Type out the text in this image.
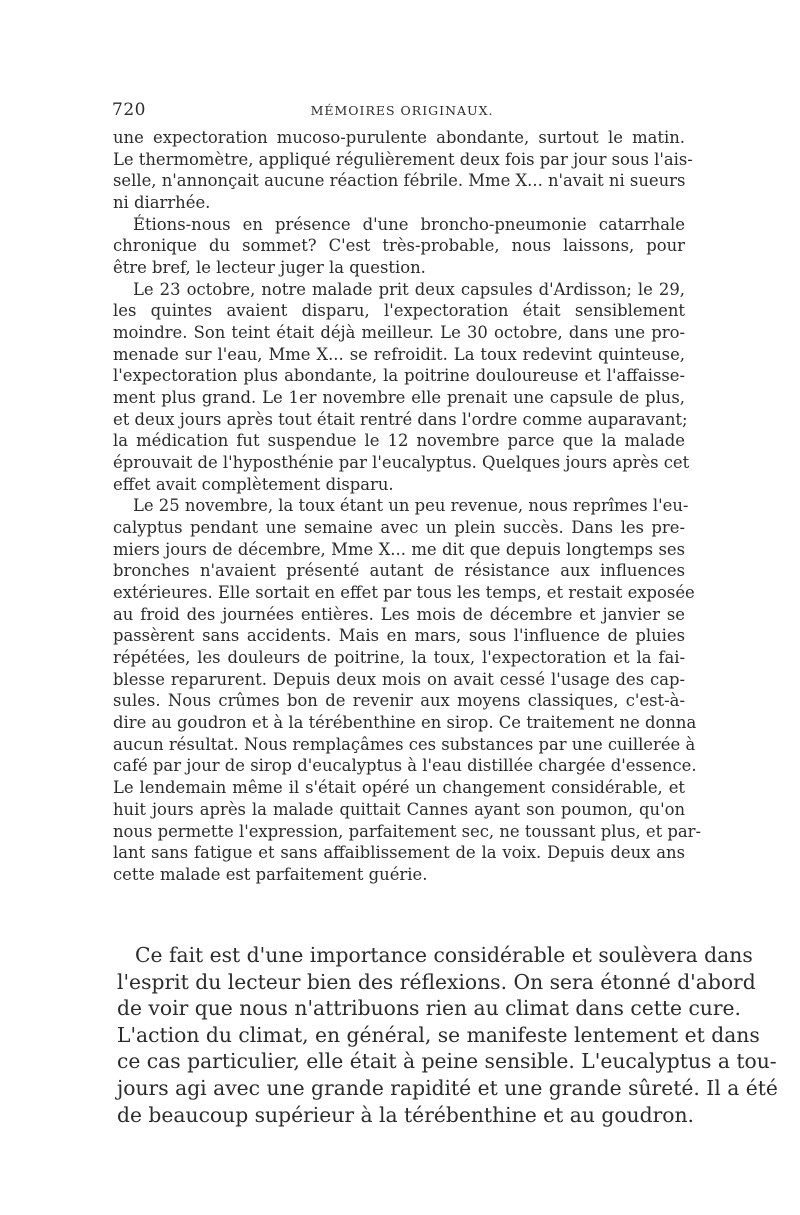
720	MÉMOIRES ORIGINAUX.
une expectoration mucoso-purulente abondante, surtout le matin.
Le thermomètre, appliqué régulièrement deux fois par jour sous l'ais-
selle, n'annonçait aucune réaction fébrile. Mme X... n'avait ni sueurs
ni diarrhée.
Étions-nous en présence d'une broncho-pneumonie catarrhale
chronique du sommet? C'est très-probable, nous laissons, pour
être bref, le lecteur juger la question.
Le 23 octobre, notre malade prit deux capsules d'Ardisson; le 29,
les quintes avaient disparu, l'expectoration était sensiblement
moindre. Son teint était déjà meilleur. Le 30 octobre, dans une pro-
menade sur l'eau, Mme X... se refroidit. La toux redevint quinteuse,
l'expectoration plus abondante, la poitrine douloureuse et l'affaisse-
ment plus grand. Le 1er novembre elle prenait une capsule de plus,
et deux jours après tout était rentré dans l'ordre comme auparavant;
la médication fut suspendue le 12 novembre parce que la malade
éprouvait de l'hyposthénie par l'eucalyptus. Quelques jours après cet
effet avait complètement disparu.
Le 25 novembre, la toux étant un peu revenue, nous reprîmes l'eu-
calyptus pendant une semaine avec un plein succès. Dans les pre-
miers jours de décembre, Mme X... me dit que depuis longtemps ses
bronches n'avaient présenté autant de résistance aux influences
extérieures. Elle sortait en effet par tous les temps, et restait exposée
au froid des journées entières. Les mois de décembre et janvier se
passèrent sans accidents. Mais en mars, sous l'influence de pluies
répétées, les douleurs de poitrine, la toux, l'expectoration et la fai-
blesse reparurent. Depuis deux mois on avait cessé l'usage des cap-
sules. Nous crûmes bon de revenir aux moyens classiques, c'est-à-
dire au goudron et à la térébenthine en sirop. Ce traitement ne donna
aucun résultat. Nous remplaçâmes ces substances par une cuillerée à
café par jour de sirop d'eucalyptus à l'eau distillée chargée d'essence.
Le lendemain même il s'était opéré un changement considérable, et
huit jours après la malade quittait Cannes ayant son poumon, qu'on
nous permette l'expression, parfaitement sec, ne toussant plus, et par-
lant sans fatigue et sans affaiblissement de la voix. Depuis deux ans
cette malade est parfaitement guérie.
Ce fait est d'une importance considérable et soulèvera dans
l'esprit du lecteur bien des réflexions. On sera étonné d'abord
de voir que nous n'attribuons rien au climat dans cette cure.
L'action du climat, en général, se manifeste lentement et dans
ce cas particulier, elle était à peine sensible. L'eucalyptus a tou-
jours agi avec une grande rapidité et une grande sûreté. Il a été
de beaucoup supérieur à la térébenthine et au goudron.
